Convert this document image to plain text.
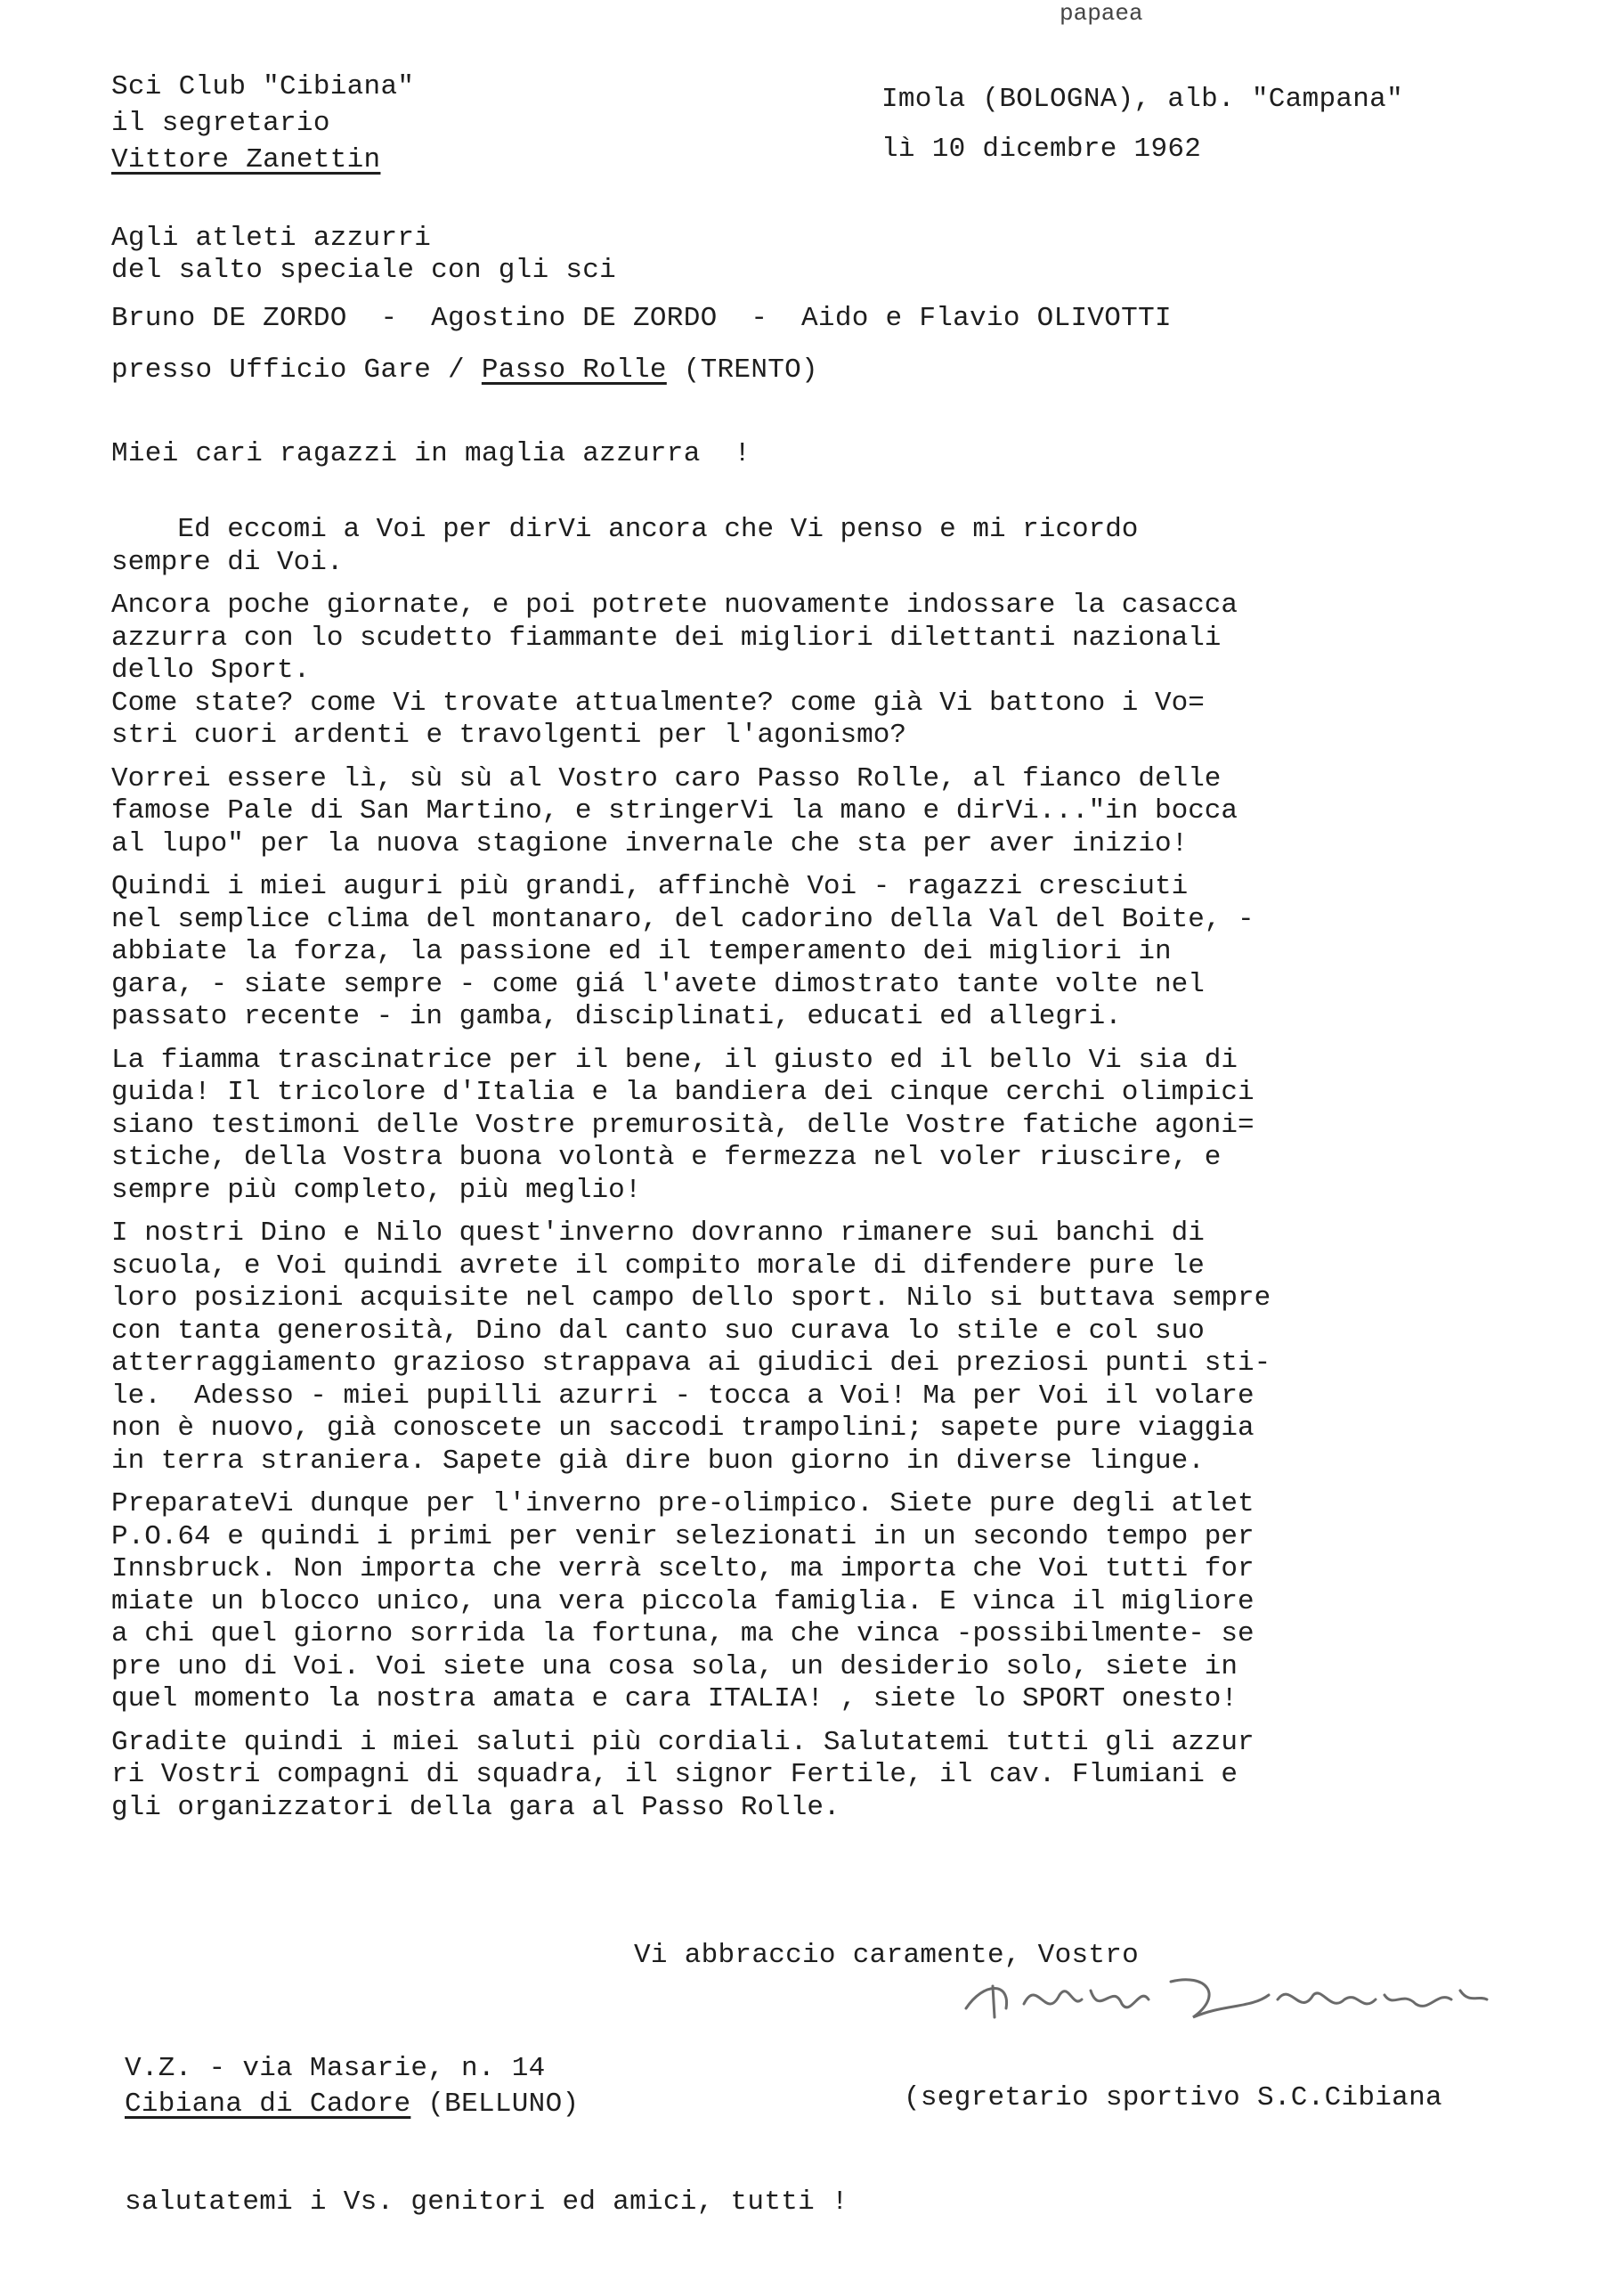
papaea
Sci Club "Cibiana"
il segretario
Vittore Zanettin
Imola (BOLOGNA), alb. "Campana"
lì 10 dicembre 1962
Agli atleti azzurri
del salto speciale con gli sci
Bruno DE ZORDO  -  Agostino DE ZORDO  -  Aido e Flavio OLIVOTTI
presso Ufficio Gare / Passo Rolle (TRENTO)
Miei cari ragazzi in maglia azzurra  !

Ed eccomi a Voi per dirVi ancora che Vi penso e mi ricordo
sempre di Voi.

Ancora poche giornate, e poi potrete nuovamente indossare la casacca
azzurra con lo scudetto fiammante dei migliori dilettanti nazionali
dello Sport.
Come state? come Vi trovate attualmente? come già Vi battono i Vo=
stri cuori ardenti e travolgenti per l'agonismo?

Vorrei essere lì, sù sù al Vostro caro Passo Rolle, al fianco delle
famose Pale di San Martino, e stringerVi la mano e dirVi..."in bocca
al lupo" per la nuova stagione invernale che sta per aver inizio!

Quindi i miei auguri più grandi, affinchè Voi - ragazzi cresciuti
nel semplice clima del montanaro, del cadorino della Val del Boite, -
abbiate la forza, la passione ed il temperamento dei migliori in
gara, - siate sempre - come giá l'avete dimostrato tante volte nel
passato recente - in gamba, disciplinati, educati ed allegri.

La fiamma trascinatrice per il bene, il giusto ed il bello Vi sia di
guida! Il tricolore d'Italia e la bandiera dei cinque cerchi olimpici
siano testimoni delle Vostre premurosità, delle Vostre fatiche agoni=
stiche, della Vostra buona volontà e fermezza nel voler riuscire, e
sempre più completo, più meglio!

I nostri Dino e Nilo quest'inverno dovranno rimanere sui banchi di
scuola, e Voi quindi avrete il compito morale di difendere pure le
loro posizioni acquisite nel campo dello sport. Nilo si buttava sempre
con tanta generosità, Dino dal canto suo curava lo stile e col suo
atterraggiamento grazioso strappava ai giudici dei preziosi punti sti-
le.  Adesso - miei pupilli azurri - tocca a Voi! Ma per Voi il volare
non è nuovo, già conoscete un saccodi trampolini; sapete pure viaggia
in terra straniera. Sapete già dire buon giorno in diverse lingue.

PreparateVi dunque per l'inverno pre-olimpico. Siete pure degli atlet
P.O.64 e quindi i primi per venir selezionati in un secondo tempo per
Innsbruck. Non importa che verrà scelto, ma importa che Voi tutti for
miate un blocco unico, una vera piccola famiglia. E vinca il migliore
a chi quel giorno sorrida la fortuna, ma che vinca -possibilmente- se
pre uno di Voi. Voi siete una cosa sola, un desiderio solo, siete in
quel momento la nostra amata e cara ITALIA! , siete lo SPORT onesto!

Gradite quindi i miei saluti più cordiali. Salutatemi tutti gli azzur
ri Vostri compagni di squadra, il signor Fertile, il cav. Flumiani e
gli organizzatori della gara al Passo Rolle.

Vi abbraccio caramente, Vostro
V.Z. - via Masarie, n. 14
Cibiana di Cadore (BELLUNO)	(segretario sportivo S.C.Cibiana
salutatemi i Vs. genitori ed amici, tutti !
